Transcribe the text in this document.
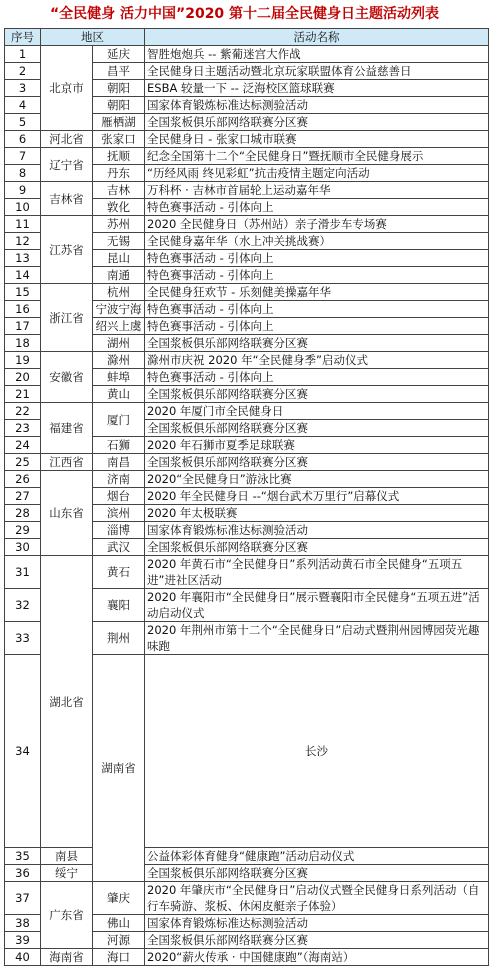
“全民健身 活力中国”2020 第十二届全民健身日主题活动列表
序号	地区		活动名称	
1	北京市	延庆	智胜炮炮兵 -- 紫葡迷宫大作战	
2		昌平	全民健身日主题活动暨北京玩家联盟体育公益慈善日	
3		朝阳	ESBA 较量一下 -- 泛海校区篮球联赛	
4		朝阳	国家体育锻炼标准达标测验活动	
5		雁栖湖	全国浆板俱乐部网络联赛分区赛	
6	河北省	张家口	全民健身日 - 张家口城市联赛	
7	辽宁省	抚顺	纪念全国第十二个“全民健身日”暨抚顺市全民健身展示	
8		丹东	“历经风雨 终见彩虹”抗击疫情主题定向活动	
9	吉林省	吉林	万科杯 · 吉林市首届轮上运动嘉年华	
10		敦化	特色赛事活动 - 引体向上	
11	江苏省	苏州	2020 全民健身日（苏州站）亲子滑步车专场赛	
12		无锡	全民健身嘉年华（水上冲关挑战赛）	
13		昆山	特色赛事活动 - 引体向上	
14		南通	特色赛事活动 - 引体向上	
15	浙江省	杭州	全民健身狂欢节 - 乐刻健美操嘉年华	
16		宁波宁海	特色赛事活动 - 引体向上	
17		绍兴上虞	特色赛事活动 - 引体向上	
18		湖州	全国浆板俱乐部网络联赛分区赛	
19	安徽省	滁州	滁州市庆祝 2020 年“全民健身季”启动仪式	
20		蚌埠	特色赛事活动 - 引体向上	
21		黄山	全国浆板俱乐部网络联赛分区赛	
22	福建省	厦门	2020 年厦门市全民健身日	
23			全国浆板俱乐部网络联赛分区赛	
24		石狮	2020 年石狮市夏季足球联赛	
25	江西省	南昌	全国浆板俱乐部网络联赛分区赛	
26	山东省	济南	2020“全民健身日”游泳比赛	
27		烟台	2020 年全民健身日 --“烟台武术万里行”启幕仪式	
28		滨州	2020 年太极联赛	
29		淄博	国家体育锻炼标准达标测验活动	
30		武汉	全国浆板俱乐部网络联赛分区赛	
31	湖北省	黄石	2020 年黄石市“全民健身日”系列活动黄石市全民健身“五项五进”进社区活动	
32		襄阳	2020 年襄阳市“全民健身日”展示暨襄阳市全民健身“五项五进”活动启动仪式	
33		荆州	2020 年荆州市第十二个“全民健身日”启动式暨荆州园博园荧光趣味跑	
34		湖南省	长沙	
35	南县		公益体彩体育健身“健康跑”活动启动仪式	
36	绥宁		全国浆板俱乐部网络联赛分区赛	
37	广东省	肇庆	2020 年肇庆市“全民健身日”启动仪式暨全民健身日系列活动（自行车骑游、浆板、休闲皮艇亲子体验）	
38		佛山	国家体育锻炼标准达标测验活动	
39		河源	全国浆板俱乐部网络联赛分区赛	
40	海南省	海口	2020“薪火传承 · 中国健康跑”（海南站）	
